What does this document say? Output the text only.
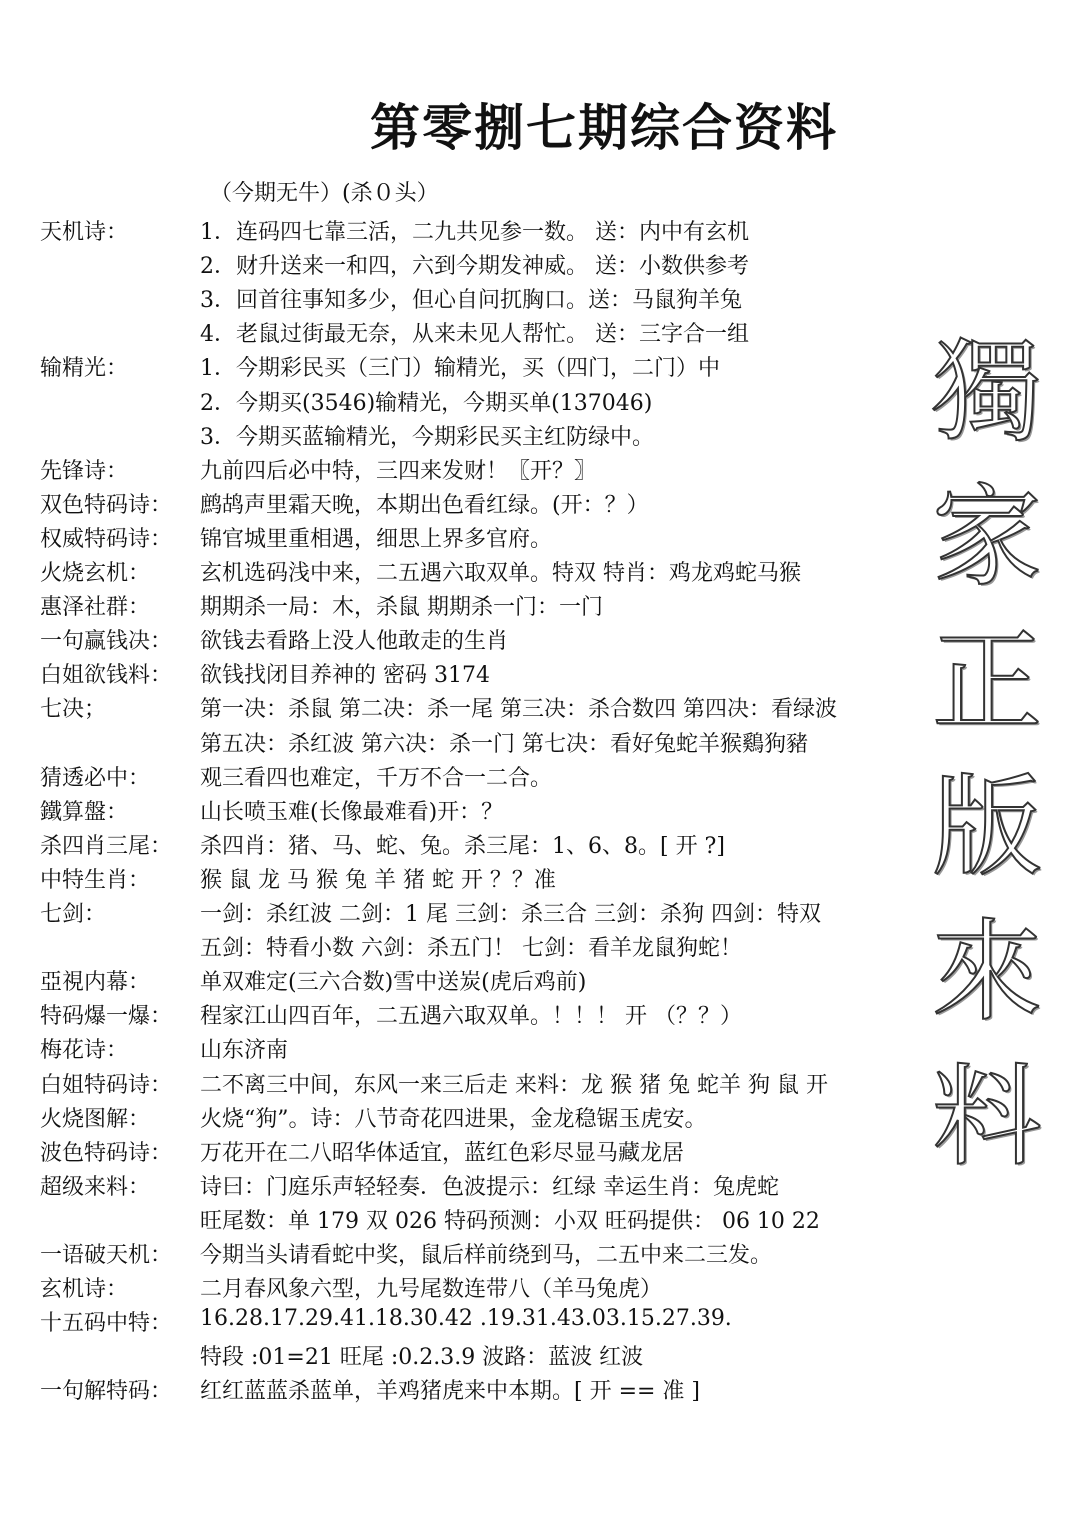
第零捌七期综合资料
（今期无牛）(杀０头）
天机诗：	1．连码四七靠三活，二九共见参一数。 送：内中有玄机
2．财升送来一和四，六到今期发神威。 送：小数供参考
3．回首往事知多少，但心自问扤胸口。送：马鼠狗羊兔
4．老鼠过街最无奈，从来未见人帮忙。 送：三字合一组
输精光：	1．今期彩民买（三门）输精光，买（四门，二门）中
2．今期买(3546)输精光，今期买单(137046)
3．今期买蓝输精光，今期彩民买主红防绿中。
先锋诗：	九前四后必中特，三四来发财！〖开？〗
双色特码诗： 鹧鸪声里霜天晚，本期出色看红绿。(开：？）
权威特码诗： 锦官城里重相遇，细思上界多官府。
火烧玄机： 玄机选码浅中来，二五遇六取双单。特双 特肖：鸡龙鸡蛇马猴
惠泽社群： 期期杀一局：木，杀鼠 期期杀一门：一门
一句赢钱决： 欲钱去看路上没人他敢走的生肖
白姐欲钱料： 欲钱找闭目养神的 密码 3174
七决；	第一决：杀鼠 第二决：杀一尾 第三决：杀合数四 第四决：看绿波
第五决：杀红波 第六决：杀一门 第七决：看好兔蛇羊猴鷄狗豬
猜透必中： 观三看四也难定，千万不合一二合。
鐵算盤：	山长喷玉难(长像最难看)开：？
杀四肖三尾： 杀四肖：猪、马、蛇、兔。杀三尾：1、6、8。[ 开 ?]
中特生肖： 猴 鼠 龙 马 猴 兔 羊 猪 蛇 开 ？？准
七剑：	一剑：杀红波 二剑：1 尾 三剑：杀三合 三剑：杀狗 四剑：特双
五剑：特看小数 六剑：杀五门！ 七剑：看羊龙鼠狗蛇！
亞視内幕： 单双难定(三六合数)雪中送炭(虎后鸡前)
特码爆一爆： 程家江山四百年，二五遇六取双单。！！！ 开 （？？）
梅花诗：	山东济南
白姐特码诗： 二不离三中间，东风一来三后走 来料：龙 猴 猪 兔 蛇羊 狗 鼠 开
火烧图解： 火烧“狗”。诗：八节奇花四进果，金龙稳锯玉虎安。
波色特码诗： 万花开在二八昭华体适宜，蓝红色彩尽显马藏龙居
超级来料： 诗曰：门庭乐声轻轻奏．色波提示：红绿 幸运生肖：兔虎蛇
旺尾数：单 179 双 026 特码预测：小双 旺码提供： 06 10 22
一语破天机： 今期当头请看蛇中奖，鼠后样前绕到马，二五中来二三发。
玄机诗：	二月春风象六型，九号尾数连带八（羊马兔虎）
十五码中特： 16.28.17.29.41.18.30.42 .19.31.43.03.15.27.39.
特段 :01=21 旺尾 :0.2.3.9 波路：蓝波 红波
一句解特码： 红红蓝蓝杀蓝单，羊鸡猪虎来中本期。[ 开 == 准 ]
獨
家
正
版
來
料
